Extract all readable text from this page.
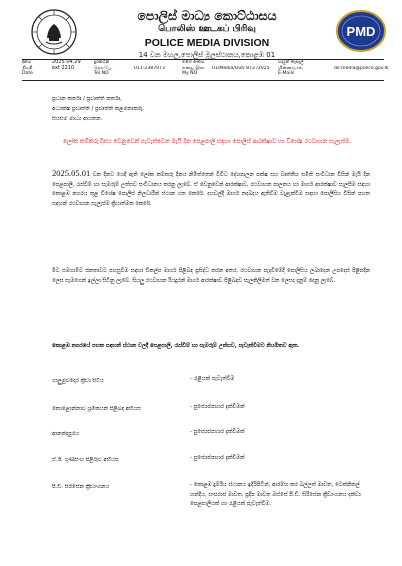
පොලිස් මාධ්‍ය කොට්ඨාසය
பொலிஸ் ஊடகப் பிரிவு
POLICE MEDIA DIVISION
14 වන මහල,පොලිස් මූලස්ථානය,කොළඹ 01
PMD
දිනය
திகதி
Date
2025.04.29
ext 2210
දුරකථන
தொ.பே.
Tel.NO
011-2387973
මගේ අංකය
எனது இல.
My NO
01/Media/Out/ 873 /2025
විද්‍යුත් තැපෑල
மின்னஞ்சல்
E-Mails
dir.media@police.gov.lk
ප්‍රධාන කර්තෘ / ප්‍රවෘත්ති කර්තෘ,
අධ්‍යක්ෂ ප්‍රවෘත්ති / ප්‍රවෘත්ති කළමනාකරු,
සියළුම මාධ්‍ය ආයතන.
ලෝක කම්කරු දිනය වෙනුවෙන් පැවැත්වෙන මැයි දින පෙළපාලි සඳහා පොලිස් ආරක්ෂාව හා විශේෂ රථවාහන සැලැස්ම.
2025.05.01 වන දිනට යෙදී ඇති ලෝක කම්කරු දිනය නිමිත්තෙන් විවිධ දේශපාලන පක්ෂ සහ වෘත්තීය සමිති සංවිධාන විසින් මැයි දින පෙළපාලි, රැස්වීම් හා සැමරුම් උත්සව සංවිධානය කරනු ලැබේ. ඒ වෙනුවෙන් ආරක්ෂාව, රථවාහන පාලනය හා මාර්ග ආරක්ෂාව සැලසීම සඳහා කොළඹ නගරය තුළ විශේෂ පොලිස් නිලධාරීන් ස්ථාන ගත කෙරේ. දහවල්දී මාර්ග තදබදය ඇතිවීම වැළැක්වීම සඳහා පොලිසිය විසින් පහත සඳහන් රථවාහන සැලැස්ම ක්‍රියාත්මක කෙරේ.
මීට සමගාමීව ජනතාවට පහසුවීම සඳහා විකල්ප මාර්ග පිළිබඳ ප්‍රසිද්ධ කරන අතර, රථවාහන පැදවීමේදී පොලිසිය ලබාදෙන උපදෙස් පිළිපදින ලෙස සැමගෙන් ඉල්ලා සිටිනු ලැබේ. සියලු රථවාහන රියදුරන් මාර්ග ආරක්ෂාව පිළිබඳව සැලකිලිමත් වන ලෙසද දැනුම් දෙනු ලැබේ.
කොළඹ නගරයේ පහත සඳහන් ස්ථාන වලදී පෙළපාලි, රැස්වීම් හා සැමරුම් උත්සව, පැවැත්වීමට නියමිතව ඇත.
ගාලුමුවදොර ක්‍රීඩා පිටිය	- රැළියක් පැවැත්වීම
කොළොන්නාව ශ්‍රමිකයන් පිළිබඳ අභියස	- පුජ්‍යෙප්පහාර දැක්වීමක්
ආනන්දපුරය	- පුජ්‍යෙප්පහාර දැක්වීමක්
ඒ.ඊ. ගුණසිංහ පිළිරුව අභියස	- පුජ්‍යෙප්පහාර දැක්වීමක්
පී.ඩී. සිරිසේන ක්‍රීඩාංගනය	- කොළඹ දුම්රිය ස්ථානය ඉදිරිපිටින්, ආරම්භ කර බල්ලත් මාවත, ටෙක්නිකල් හන්දිය, සංඝරාජ මාවත, ප්‍රදීප මාවත ඔස්සේ පී.ඩී. සිරිසේන ක්‍රීඩාංගනය දක්වා පෙළපාලියක් හා රැළියක් පැවැත්වීම.
